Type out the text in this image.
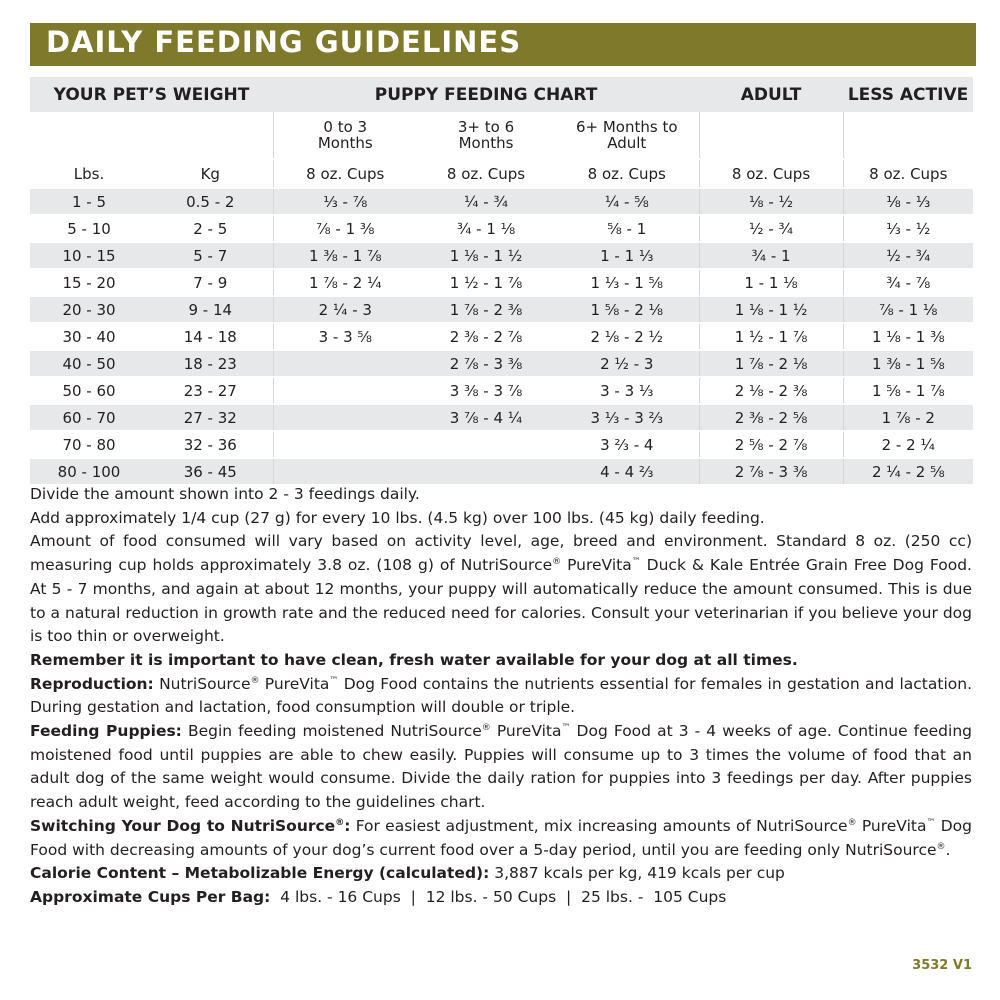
DAILY FEEDING GUIDELINES
YOUR PET’S WEIGHT		PUPPY FEEDING CHART			ADULT	LESS ACTIVE

		0 to 3 Months	3+ to 6 Months	6+ Months to Adult		

Lbs.	Kg	8 oz. Cups	8 oz. Cups	8 oz. Cups	8 oz. Cups	8 oz. Cups
1 - 5	0.5 - 2	⅓ - ⅞	¼ - ¾	¼ - ⅝	⅛ - ½	⅛ - ⅓
5 - 10	2 - 5	⅞ - 1 ⅜	¾ - 1 ⅛	⅝ - 1	½ - ¾	⅓ - ½
10 - 15	5 - 7	1 ⅜ - 1 ⅞	1 ⅛ - 1 ½	1 - 1 ⅓	¾ - 1	½ - ¾
15 - 20	7 - 9	1 ⅞ - 2 ¼	1 ½ - 1 ⅞	1 ⅓ - 1 ⅝	1 - 1 ⅛	¾ - ⅞
20 - 30	9 - 14	2 ¼ - 3	1 ⅞ - 2 ⅜	1 ⅝ - 2 ⅛	1 ⅛ - 1 ½	⅞ - 1 ⅛
30 - 40	14 - 18	3 - 3 ⅝	2 ⅜ - 2 ⅞	2 ⅛ - 2 ½	1 ½ - 1 ⅞	1 ⅛ - 1 ⅜
40 - 50	18 - 23		2 ⅞ - 3 ⅜	2 ½ - 3	1 ⅞ - 2 ⅛	1 ⅜ - 1 ⅝
50 - 60	23 - 27		3 ⅜ - 3 ⅞	3 - 3 ⅓	2 ⅛ - 2 ⅜	1 ⅝ - 1 ⅞
60 - 70	27 - 32		3 ⅞ - 4 ¼	3 ⅓ - 3 ⅔	2 ⅜ - 2 ⅝	1 ⅞ - 2
70 - 80	32 - 36			3 ⅔ - 4	2 ⅝ - 2 ⅞	2 - 2 ¼
80 - 100	36 - 45			4 - 4 ⅔	2 ⅞ - 3 ⅜	2 ¼ - 2 ⅝

Divide the amount shown into 2 - 3 feedings daily.

Add approximately 1/4 cup (27 g) for every 10 lbs. (4.5 kg) over 100 lbs. (45 kg) daily feeding.

Amount of food consumed will vary based on activity level, age, breed and environment. Standard 8 oz. (250 cc) measuring cup holds approximately 3.8 oz. (108 g) of NutriSource® PureVita™ Duck & Kale Entrée Grain Free Dog Food. At 5 - 7 months, and again at about 12 months, your puppy will automatically reduce the amount consumed. This is due to a natural reduction in growth rate and the reduced need for calories. Consult your veterinarian if you believe your dog is too thin or overweight.

Remember it is important to have clean, fresh water available for your dog at all times.

Reproduction: NutriSource® PureVita™ Dog Food contains the nutrients essential for females in gestation and lactation. During gestation and lactation, food consumption will double or triple.

Feeding Puppies: Begin feeding moistened NutriSource® PureVita™ Dog Food at 3 - 4 weeks of age. Continue feeding moistened food until puppies are able to chew easily. Puppies will consume up to 3 times the volume of food that an adult dog of the same weight would consume. Divide the daily ration for puppies into 3 feedings per day. After puppies reach adult weight, feed according to the guidelines chart.

Switching Your Dog to NutriSource®: For easiest adjustment, mix increasing amounts of NutriSource® PureVita™ Dog Food with decreasing amounts of your dog’s current food over a 5-day period, until you are feeding only NutriSource®.

Calorie Content – Metabolizable Energy (calculated): 3,887 kcals per kg, 419 kcals per cup

Approximate Cups Per Bag:  4 lbs. - 16 Cups  |  12 lbs. - 50 Cups  |  25 lbs. -  105 Cups

3532 V1
